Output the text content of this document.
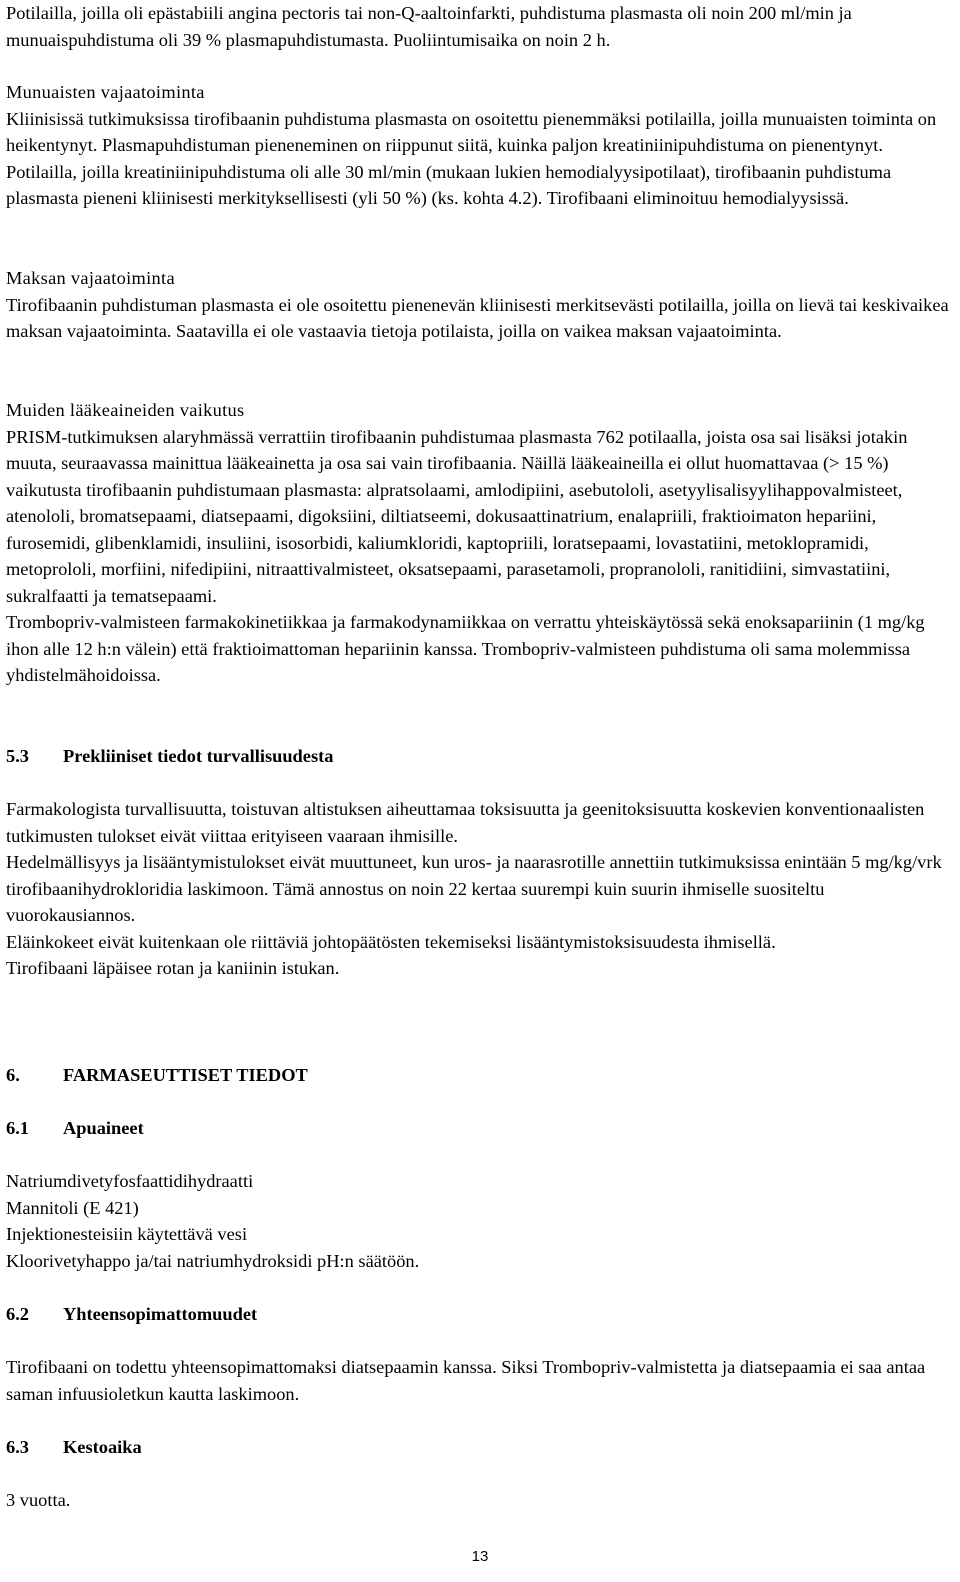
Potilailla, joilla oli epästabiili angina pectoris tai non-Q-aaltoinfarkti, puhdistuma plasmasta oli noin 200 ml/min ja munuaispuhdistuma oli 39 % plasmapuhdistumasta. Puoliintumisaika on noin 2 h.

Munuaisten vajaatoiminta

Kliinisissä tutkimuksissa tirofibaanin puhdistuma plasmasta on osoitettu pienemmäksi potilailla, joilla munuaisten toiminta on heikentynyt. Plasmapuhdistuman pieneneminen on riippunut siitä, kuinka paljon kreatiniinipuhdistuma on pienentynyt. Potilailla, joilla kreatiniinipuhdistuma oli alle 30 ml/min (mukaan lukien hemodialyysipotilaat), tirofibaanin puhdistuma plasmasta pieneni kliinisesti merkityksellisesti (yli 50 %) (ks. kohta 4.2). Tirofibaani eliminoituu hemodialyysissä.

Maksan vajaatoiminta

Tirofibaanin puhdistuman plasmasta ei ole osoitettu pienenevän kliinisesti merkitsevästi potilailla, joilla on lievä tai keskivaikea maksan vajaatoiminta. Saatavilla ei ole vastaavia tietoja potilaista, joilla on vaikea maksan vajaatoiminta.

Muiden lääkeaineiden vaikutus

PRISM-tutkimuksen alaryhmässä verrattiin tirofibaanin puhdistumaa plasmasta 762 potilaalla, joista osa sai lisäksi jotakin muuta, seuraavassa mainittua lääkeainetta ja osa sai vain tirofibaania. Näillä lääkeaineilla ei ollut huomattavaa (> 15 %) vaikutusta tirofibaanin puhdistumaan plasmasta: alpratsolaami, amlodipiini, asebutololi, asetyylisalisyylihappovalmisteet, atenololi, bromatsepaami, diatsepaami, digoksiini, diltiatseemi, dokusaattinatrium, enalapriili, fraktioimaton hepariini, furosemidi, glibenklamidi, insuliini, isosorbidi, kaliumkloridi, kaptopriili, loratsepaami, lovastatiini, metoklopramidi, metoprololi, morfiini, nifedipiini, nitraattivalmisteet, oksatsepaami, parasetamoli, propranololi, ranitidiini, simvastatiini, sukralfaatti ja tematsepaami.

Trombopriv-valmisteen farmakokinetiikkaa ja farmakodynamiikkaa on verrattu yhteiskäytössä sekä enoksapariinin (1 mg/kg ihon alle 12 h:n välein) että fraktioimattoman hepariinin kanssa. Trombopriv-valmisteen puhdistuma oli sama molemmissa yhdistelmähoidoissa.

5.3 Prekliiniset tiedot turvallisuudesta

Farmakologista turvallisuutta, toistuvan altistuksen aiheuttamaa toksisuutta ja geenitoksisuutta koskevien konventionaalisten tutkimusten tulokset eivät viittaa erityiseen vaaraan ihmisille.

Hedelmällisyys ja lisääntymistulokset eivät muuttuneet, kun uros- ja naarasrotille annettiin tutkimuksissa enintään 5 mg/kg/vrk tirofibaanihydrokloridia laskimoon. Tämä annostus on noin 22 kertaa suurempi kuin suurin ihmiselle suositeltu vuorokausiannos.

Eläinkokeet eivät kuitenkaan ole riittäviä johtopäätösten tekemiseksi lisääntymistoksisuudesta ihmisellä.

Tirofibaani läpäisee rotan ja kaniinin istukan.

6. FARMASEUTTISET TIEDOT
6.1 Apuaineet

Natriumdivetyfosfaattidihydraatti

Mannitoli (E 421)

Injektionesteisiin käytettävä vesi

Kloorivetyhappo ja/tai natriumhydroksidi pH:n säätöön.

6.2 Yhteensopimattomuudet

Tirofibaani on todettu yhteensopimattomaksi diatsepaamin kanssa. Siksi Trombopriv-valmistetta ja diatsepaamia ei saa antaa saman infuusioletkun kautta laskimoon.

6.3 Kestoaika

3 vuotta.

13
